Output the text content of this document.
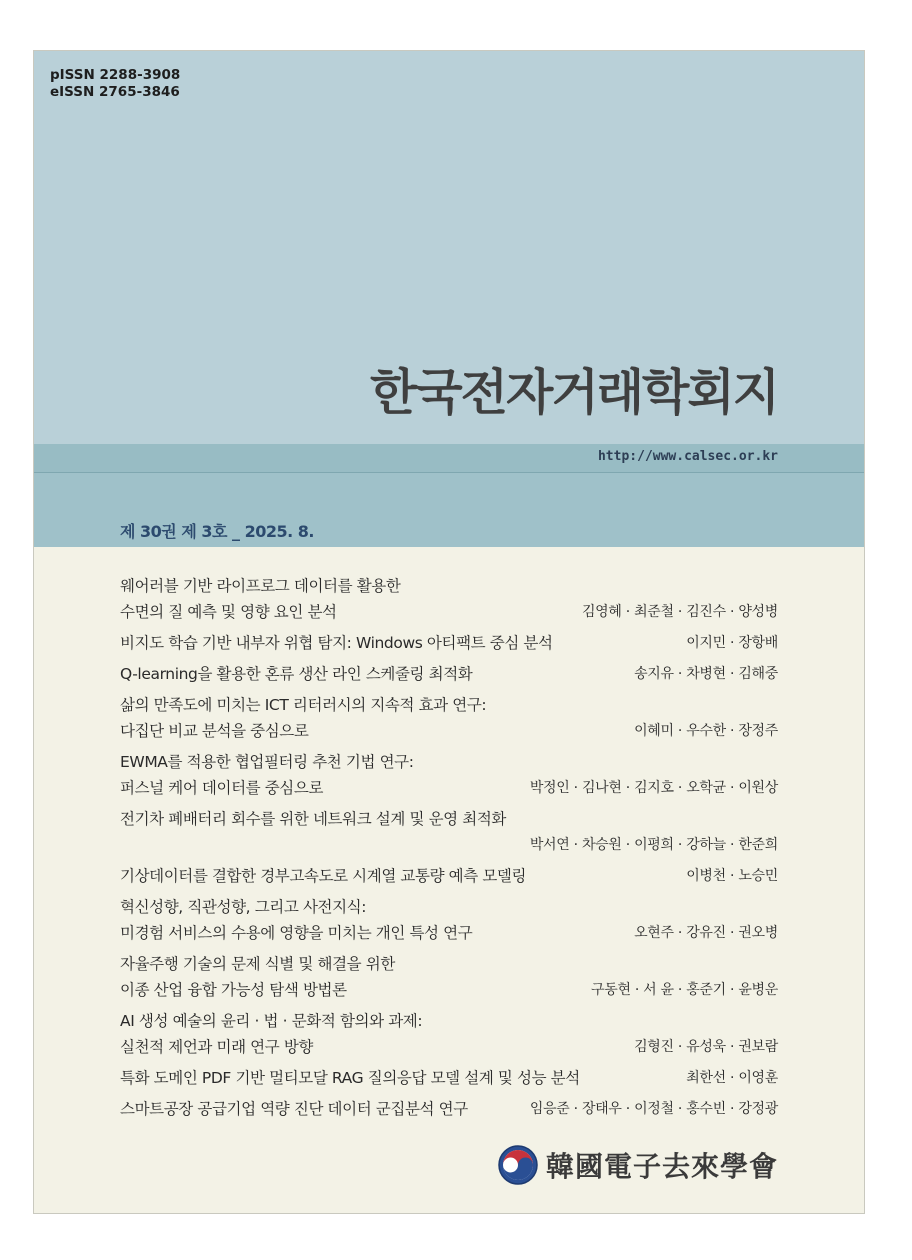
pISSN 2288-3908
eISSN 2765-3846
한국전자거래학회지
http://www.calsec.or.kr
제 30권 제 3호 _ 2025. 8.
웨어러블 기반 라이프로그 데이터를 활용한
수면의 질 예측 및 영향 요인 분석	김영혜 · 최준철 · 김진수 · 양성병
비지도 학습 기반 내부자 위협 탐지: Windows 아티팩트 중심 분석	이지민 · 장항배
Q-learning을 활용한 혼류 생산 라인 스케줄링 최적화	송지유 · 차병현 · 김해중
삶의 만족도에 미치는 ICT 리터러시의 지속적 효과 연구:
다집단 비교 분석을 중심으로	이혜미 · 우수한 · 장정주
EWMA를 적용한 협업필터링 추천 기법 연구:
퍼스널 케어 데이터를 중심으로	박정인 · 김나현 · 김지호 · 오학균 · 이원상
전기차 폐배터리 회수를 위한 네트워크 설계 및 운영 최적화
박서연 · 차승원 · 이평희 · 강하늘 · 한준희
기상데이터를 결합한 경부고속도로 시계열 교통량 예측 모델링	이병천 · 노승민
혁신성향, 직관성향, 그리고 사전지식:
미경험 서비스의 수용에 영향을 미치는 개인 특성 연구	오현주 · 강유진 · 권오병
자율주행 기술의 문제 식별 및 해결을 위한
이종 산업 융합 가능성 탐색 방법론	구동현 · 서 윤 · 홍준기 · 윤병운
AI 생성 예술의 윤리 · 법 · 문화적 함의와 과제:
실천적 제언과 미래 연구 방향	김형진 · 유성욱 · 권보람
특화 도메인 PDF 기반 멀티모달 RAG 질의응답 모델 설계 및 성능 분석	최한선 · 이영훈
스마트공장 공급기업 역량 진단 데이터 군집분석 연구	임응준 · 장태우 · 이정철 · 홍수빈 · 강정광
韓國電子去來學會
